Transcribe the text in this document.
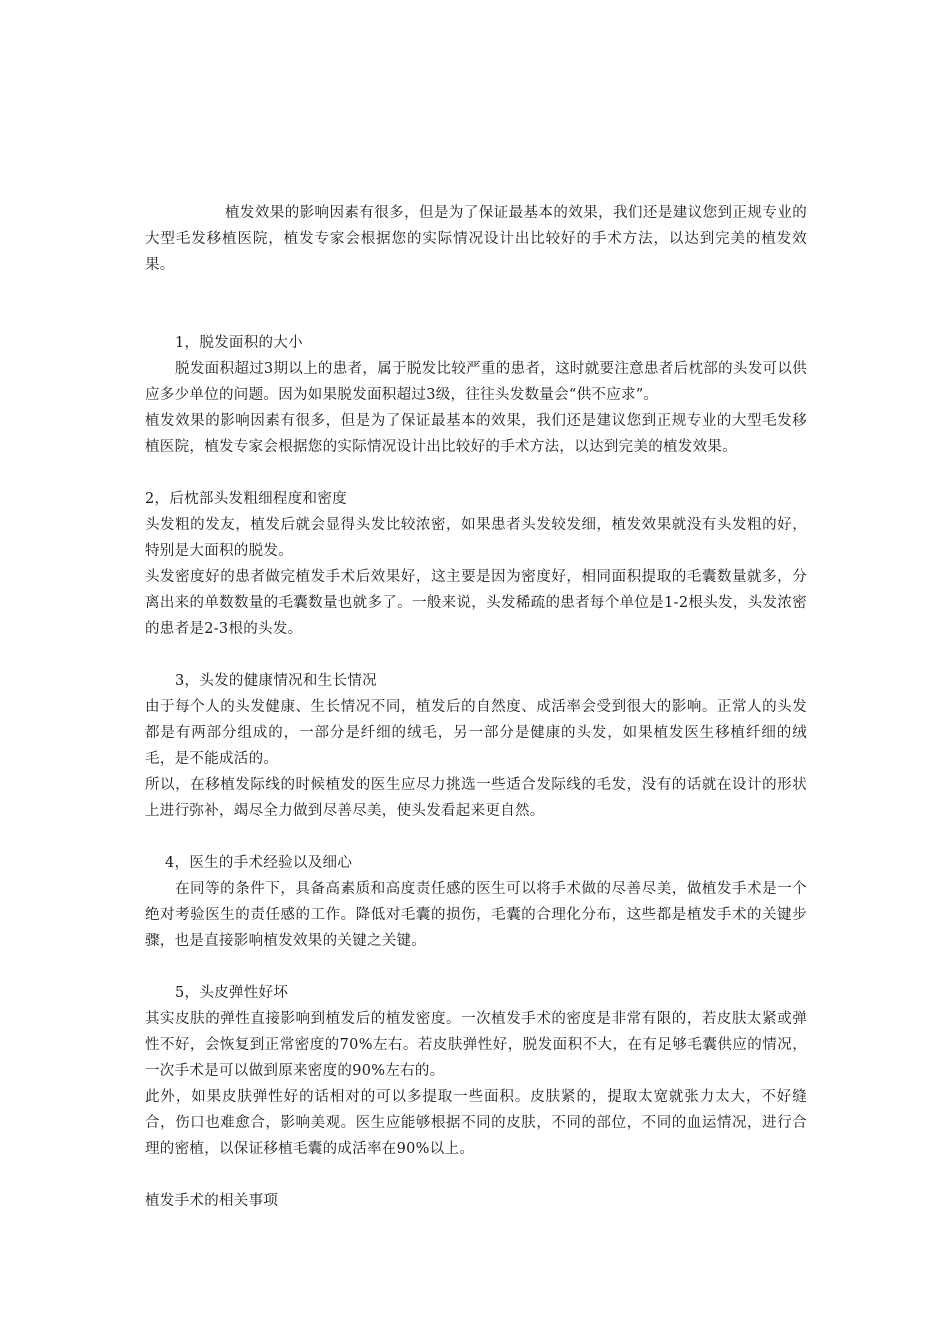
植发效果的影响因素有很多，但是为了保证最基本的效果，我们还是建议您到正规专业的大型毛发移植医院，植发专家会根据您的实际情况设计出比较好的手术方法，以达到完美的植发效果。

1，脱发面积的大小

脱发面积超过3期以上的患者，属于脱发比较严重的患者，这时就要注意患者后枕部的头发可以供应多少单位的问题。因为如果脱发面积超过3级，往往头发数量会“供不应求”。

植发效果的影响因素有很多，但是为了保证最基本的效果，我们还是建议您到正规专业的大型毛发移植医院，植发专家会根据您的实际情况设计出比较好的手术方法，以达到完美的植发效果。

2，后枕部头发粗细程度和密度

头发粗的发友，植发后就会显得头发比较浓密，如果患者头发较发细，植发效果就没有头发粗的好，特别是大面积的脱发。

头发密度好的患者做完植发手术后效果好，这主要是因为密度好，相同面积提取的毛囊数量就多，分离出来的单数数量的毛囊数量也就多了。一般来说，头发稀疏的患者每个单位是1-2根头发，头发浓密的患者是2-3根的头发。

3，头发的健康情况和生长情况

由于每个人的头发健康、生长情况不同，植发后的自然度、成活率会受到很大的影响。正常人的头发都是有两部分组成的，一部分是纤细的绒毛，另一部分是健康的头发，如果植发医生移植纤细的绒毛，是不能成活的。

所以，在移植发际线的时候植发的医生应尽力挑选一些适合发际线的毛发，没有的话就在设计的形状上进行弥补，竭尽全力做到尽善尽美，使头发看起来更自然。

4，医生的手术经验以及细心

在同等的条件下，具备高素质和高度责任感的医生可以将手术做的尽善尽美，做植发手术是一个绝对考验医生的责任感的工作。降低对毛囊的损伤，毛囊的合理化分布，这些都是植发手术的关键步骤，也是直接影响植发效果的关键之关键。

5，头皮弹性好坏

其实皮肤的弹性直接影响到植发后的植发密度。一次植发手术的密度是非常有限的，若皮肤太紧或弹性不好，会恢复到正常密度的70%左右。若皮肤弹性好，脱发面积不大，在有足够毛囊供应的情况，一次手术是可以做到原来密度的90%左右的。

此外，如果皮肤弹性好的话相对的可以多提取一些面积。皮肤紧的，提取太宽就张力太大，不好缝合，伤口也难愈合，影响美观。医生应能够根据不同的皮肤，不同的部位，不同的血运情况，进行合理的密植，以保证移植毛囊的成活率在90%以上。

植发手术的相关事项
